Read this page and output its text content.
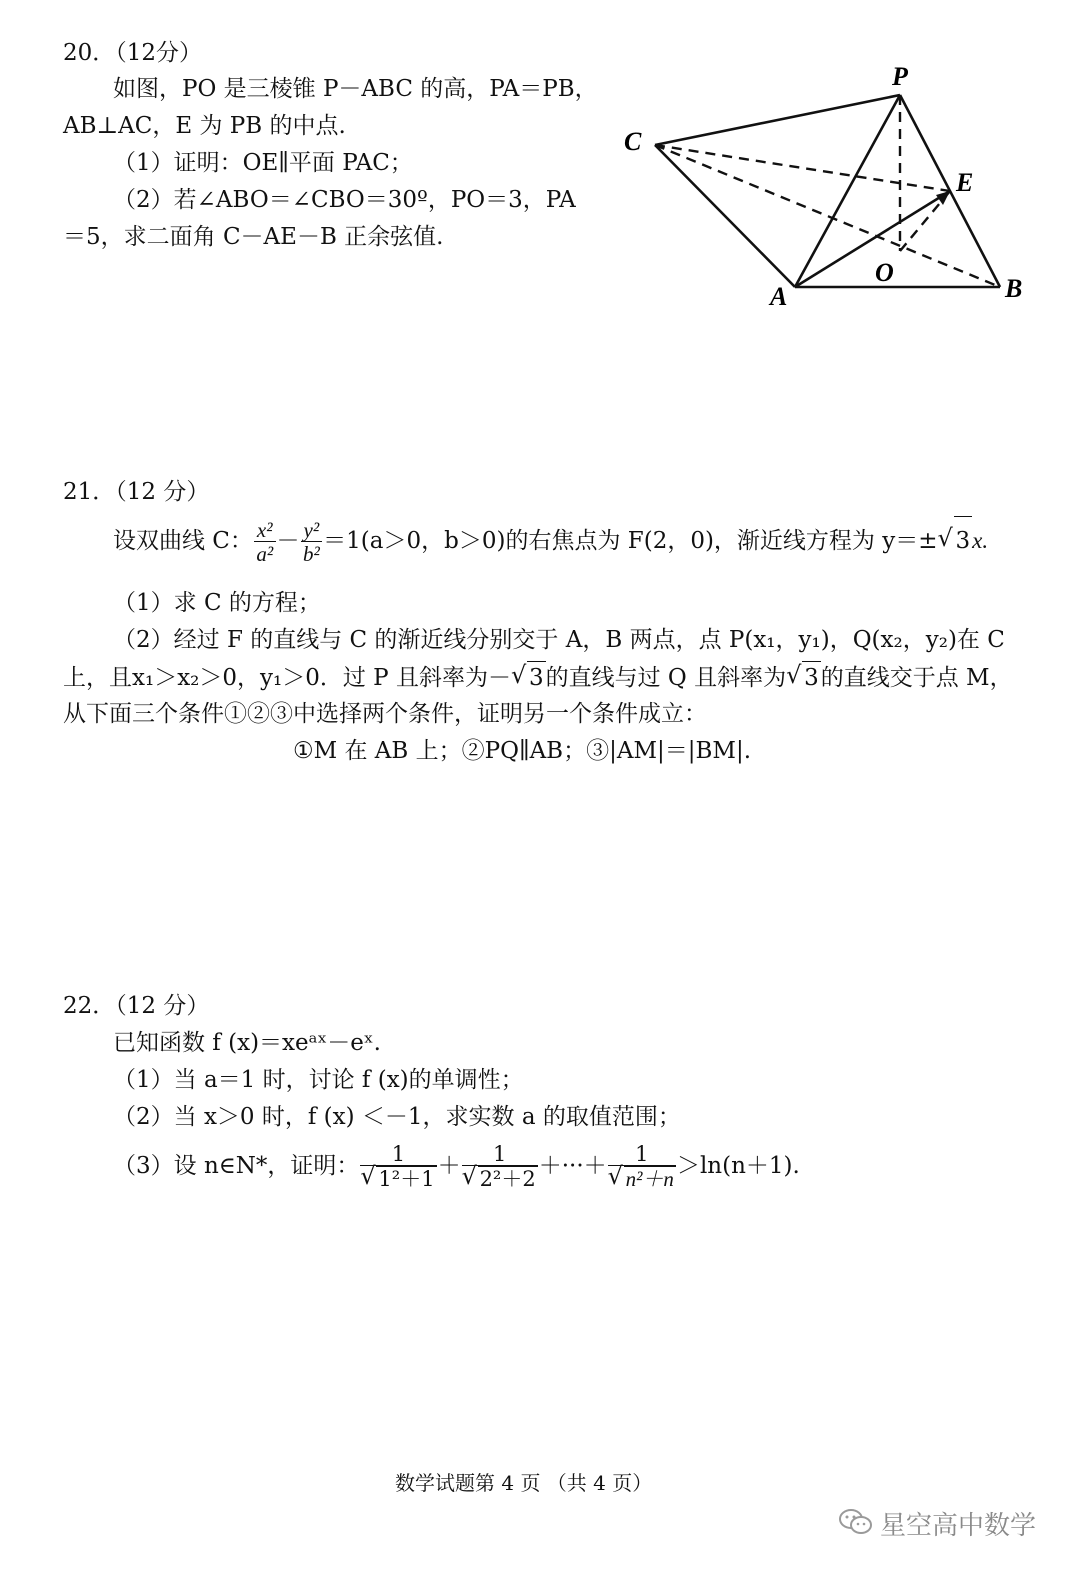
20．（12分）
如图，PO 是三棱锥 P－ABC 的高，PA＝PB，
AB⊥AC，E 为 PB 的中点.
（1）证明：OE∥平面 PAC；
（2）若∠ABO＝∠CBO＝30º，PO＝3，PA
＝5，求二面角 C－AE－B 正余弦值.
P
C
E
O
A	B
21．（12 分）
设双曲线 C： $\frac{\text{x²}}{\text{a²}} - \frac{\text{y²}}{\text{b²}} =1(a>0$，b＞0)的右焦点为 F(2，0)，渐近线方程为 y＝± √ 3x.
（1）求 C 的方程；
（2）经过 F 的直线与 C 的渐近线分别交于 A，B 两点，点 P(x₁，y₁)，Q(x₂，y₂)在 C
上，且x₁＞x₂＞0，y₁＞0．过 P 且斜率为－ √ 3的直线与过 Q 且斜率为 √ 3的直线交于点 M，
从下面三个条件①②③中选择两个条件，证明另一个条件成立：
①M 在 AB 上；②PQ∥AB；③|AM|＝|BM|.
22．（12 分）
已知函数 f (x)＝xeᵃˣ－eˣ.
（1）当 a＝1 时，讨论 f (x)的单调性；
（2）当 x＞0 时，f (x) ＜－1，求实数 a 的取值范围；
（3）设 n∈N*，证明： $\frac{1}{\text{√ 1²＋1}} + \frac{1}{\text{√ 2²＋2}}$ ＋···＋ $\frac{1}{\text{√ n²＋n}} >\ln(n+1)$.
数学试题第 4 页 （共 4 页）
星空高中数学
